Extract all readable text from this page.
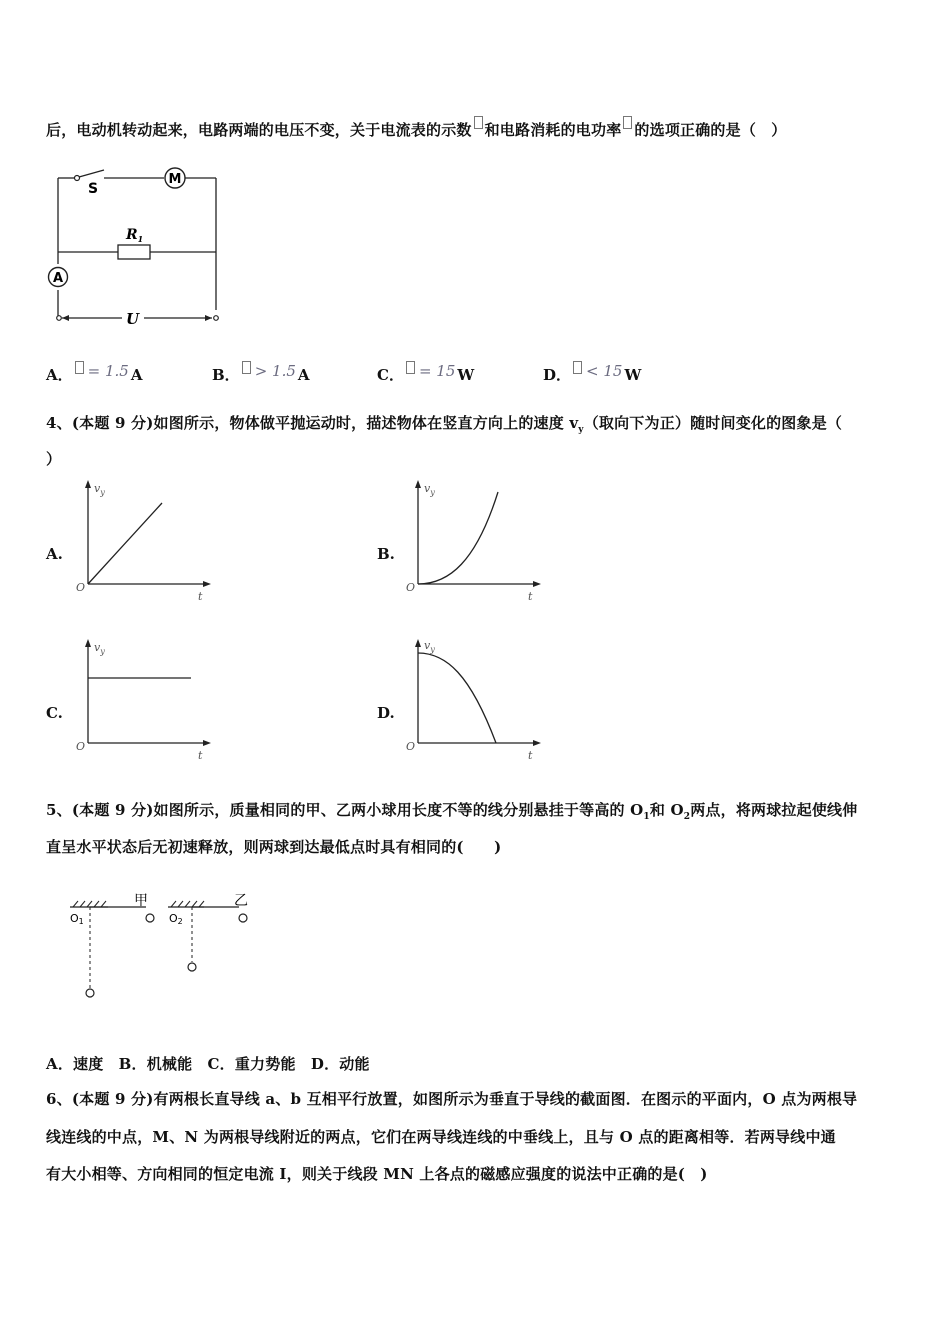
后，电动机转动起来，电路两端的电压不变，关于电流表的示数 和电路消耗的电功率 的选项正确的是（　）
S
M
$R_1$
A
U
A． = 1.5 A	B． > 1.5 A	C． = 15 W	D． < 15 W
4、(本题 9 分)如图所示，物体做平抛运动时，描述物体在竖直方向上的速度 $v_y$（取向下为正）随时间变化的图象是（
）
A.	B.
C.	D.
$v_y$
t
O
$v_y$
t
O
$v_y$
t
O
$v_y$
t
O
5、(本题 9 分)如图所示，质量相同的甲、乙两小球用长度不等的线分别悬挂于等高的 $O_1$和 $O_2$两点，将两球拉起使线伸
直呈水平状态后无初速释放，则两球到达最低点时具有相同的(　　)
甲
O1
乙
O2
A．速度　B．机械能　C．重力势能　D．动能
6、(本题 9 分)有两根长直导线 a、b 互相平行放置，如图所示为垂直于导线的截面图．在图示的平面内，O 点为两根导
线连线的中点，M、N 为两根导线附近的两点，它们在两导线连线的中垂线上，且与 O 点的距离相等．若两导线中通
有大小相等、方向相同的恒定电流 I，则关于线段 MN 上各点的磁感应强度的说法中正确的是(　)
